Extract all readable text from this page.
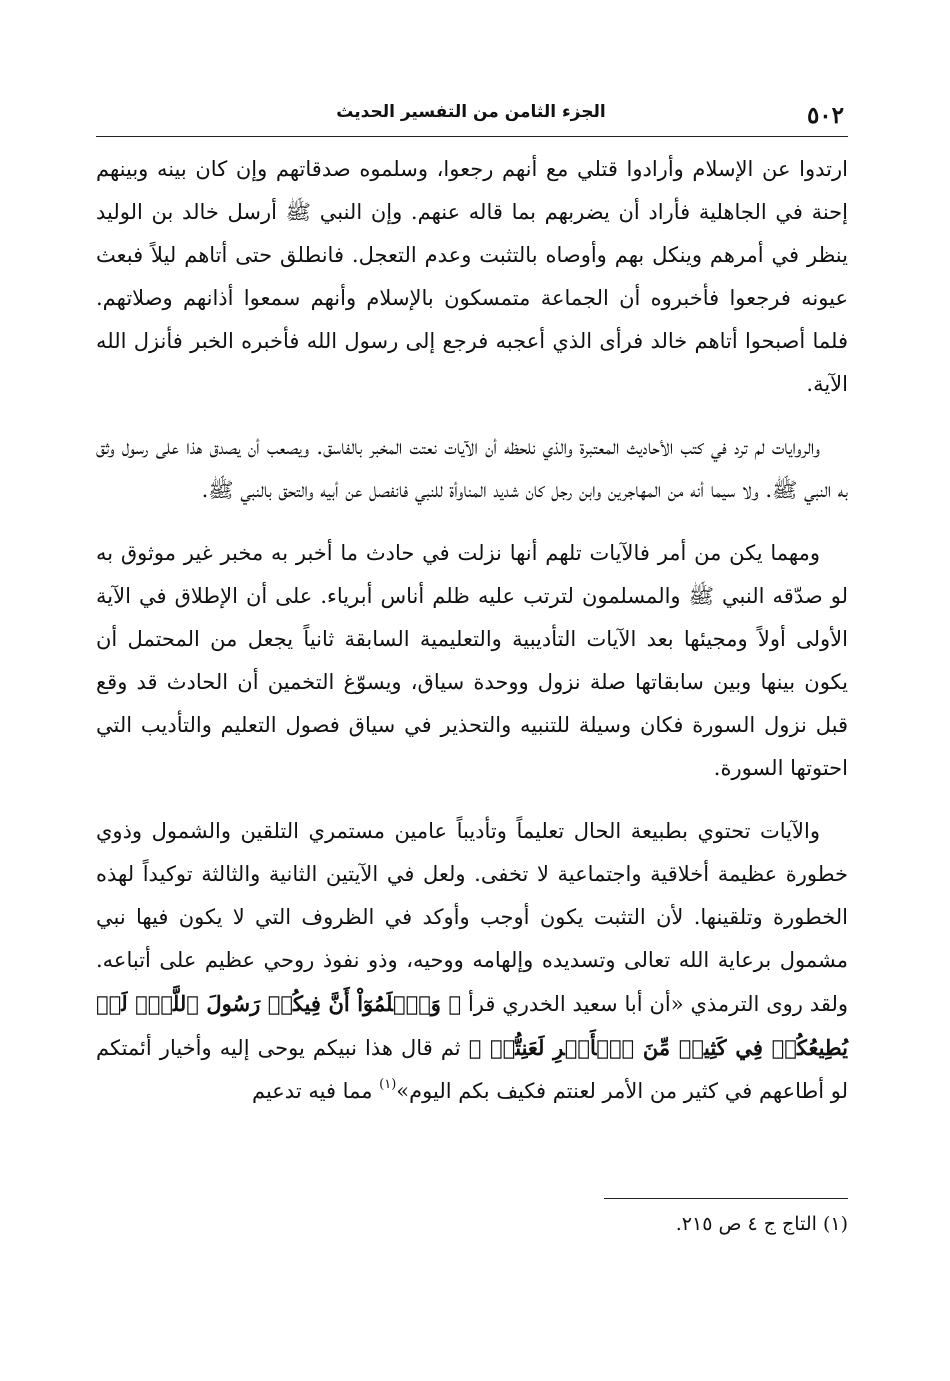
٥٠٢
الجزء الثامن من التفسير الحديث

ارتدوا عن الإسلام وأرادوا قتلي مع أنهم رجعوا، وسلموه صدقاتهم وإن كان بينه وبينهم إحنة في الجاهلية فأراد أن يضربهم بما قاله عنهم. وإن النبي ﷺ أرسل خالد بن الوليد ينظر في أمرهم وينكل بهم وأوصاه بالتثبت وعدم التعجل. فانطلق حتى أتاهم ليلاً فبعث عيونه فرجعوا فأخبروه أن الجماعة متمسكون بالإسلام وأنهم سمعوا أذانهم وصلاتهم. فلما أصبحوا أتاهم خالد فرأى الذي أعجبه فرجع إلى رسول الله فأخبره الخبر فأنزل الله الآية.

والروايات لم ترد في كتب الأحاديث المعتبرة والذي نلحظه أن الآيات نعتت المخبر بالفاسق. ويصعب أن يصدق هذا على رسول وثق به النبي ﷺ. ولا سيما أنه من المهاجرين وابن رجل كان شديد المناوأة للنبي فانفصل عن أبيه والتحق بالنبي ﷺ.

ومهما يكن من أمر فالآيات تلهم أنها نزلت في حادث ما أخبر به مخبر غير موثوق به لو صدّقه النبي ﷺ والمسلمون لترتب عليه ظلم أناس أبرياء. على أن الإطلاق في الآية الأولى أولاً ومجيئها بعد الآيات التأديبية والتعليمية السابقة ثانياً يجعل من المحتمل أن يكون بينها وبين سابقاتها صلة نزول ووحدة سياق، ويسوّغ التخمين أن الحادث قد وقع قبل نزول السورة فكان وسيلة للتنبيه والتحذير في سياق فصول التعليم والتأديب التي احتوتها السورة.

والآيات تحتوي بطبيعة الحال تعليماً وتأديباً عامين مستمري التلقين والشمول وذوي خطورة عظيمة أخلاقية واجتماعية لا تخفى. ولعل في الآيتين الثانية والثالثة توكيداً لهذه الخطورة وتلقينها. لأن التثبت يكون أوجب وأوكد في الظروف التي لا يكون فيها نبي مشمول برعاية الله تعالى وتسديده وإلهامه ووحيه، وذو نفوذ روحي عظيم على أتباعه. ولقد روى الترمذي «أن أبا سعيد الخدري قرأ ﴿ وَٱعۡلَمُوٓاْ أَنَّ فِيكُمۡ رَسُولَ ٱللَّهِۚ لَوۡ يُطِيعُكُمۡ فِي كَثِيرٖ مِّنَ ٱلۡأَمۡرِ لَعَنِتُّمۡ ﴾ ثم قال هذا نبيكم يوحى إليه وأخيار أئمتكم لو أطاعهم في كثير من الأمر لعنتم فكيف بكم اليوم»$^{(١)}$ مما فيه تدعيم

(١) التاج ج ٤ ص ٢١٥.
